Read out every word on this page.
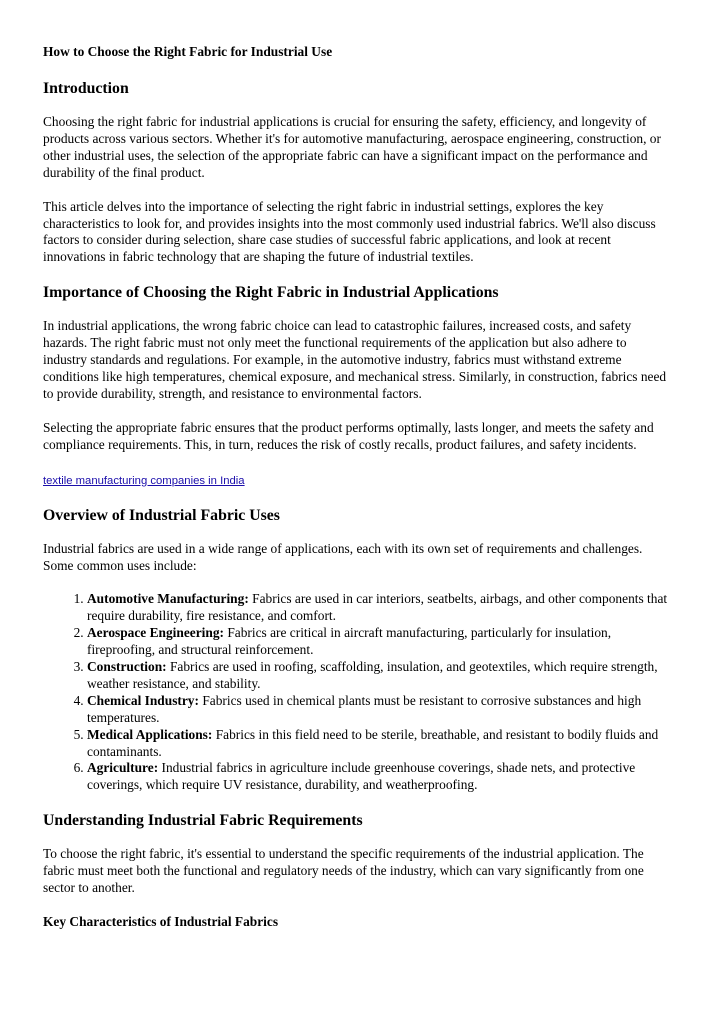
How to Choose the Right Fabric for Industrial Use

Introduction

Choosing the right fabric for industrial applications is crucial for ensuring the safety, efficiency, and longevity of products across various sectors. Whether it's for automotive manufacturing, aerospace engineering, construction, or other industrial uses, the selection of the appropriate fabric can have a significant impact on the performance and durability of the final product.

This article delves into the importance of selecting the right fabric in industrial settings, explores the key characteristics to look for, and provides insights into the most commonly used industrial fabrics. We'll also discuss factors to consider during selection, share case studies of successful fabric applications, and look at recent innovations in fabric technology that are shaping the future of industrial textiles.

Importance of Choosing the Right Fabric in Industrial Applications

In industrial applications, the wrong fabric choice can lead to catastrophic failures, increased costs, and safety hazards. The right fabric must not only meet the functional requirements of the application but also adhere to industry standards and regulations. For example, in the automotive industry, fabrics must withstand extreme conditions like high temperatures, chemical exposure, and mechanical stress. Similarly, in construction, fabrics need to provide durability, strength, and resistance to environmental factors.

Selecting the appropriate fabric ensures that the product performs optimally, lasts longer, and meets the safety and compliance requirements. This, in turn, reduces the risk of costly recalls, product failures, and safety incidents.

textile manufacturing companies in India
Overview of Industrial Fabric Uses

Industrial fabrics are used in a wide range of applications, each with its own set of requirements and challenges. Some common uses include:

1. Automotive Manufacturing: Fabrics are used in car interiors, seatbelts, airbags, and other components that require durability, fire resistance, and comfort.
2. Aerospace Engineering: Fabrics are critical in aircraft manufacturing, particularly for insulation, fireproofing, and structural reinforcement.
3. Construction: Fabrics are used in roofing, scaffolding, insulation, and geotextiles, which require strength, weather resistance, and stability.
4. Chemical Industry: Fabrics used in chemical plants must be resistant to corrosive substances and high temperatures.
5. Medical Applications: Fabrics in this field need to be sterile, breathable, and resistant to bodily fluids and contaminants.
6. Agriculture: Industrial fabrics in agriculture include greenhouse coverings, shade nets, and protective coverings, which require UV resistance, durability, and weatherproofing.
Understanding Industrial Fabric Requirements

To choose the right fabric, it's essential to understand the specific requirements of the industrial application. The fabric must meet both the functional and regulatory needs of the industry, which can vary significantly from one sector to another.

Key Characteristics of Industrial Fabrics
